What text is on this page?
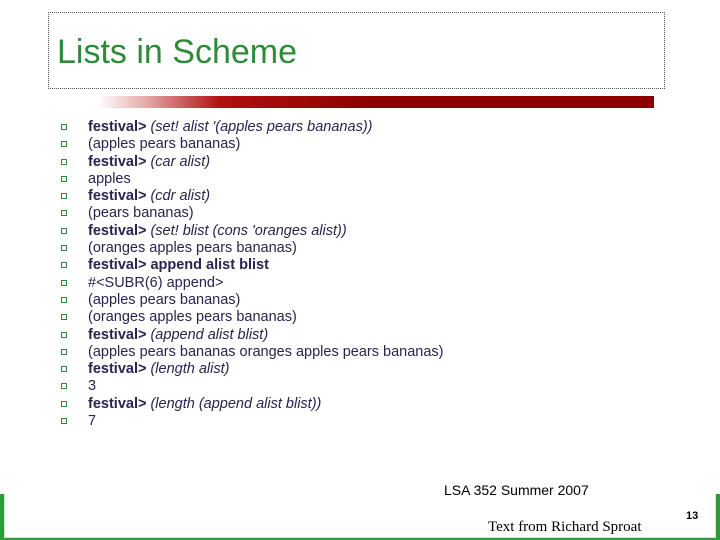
Lists in Scheme
festival> (set! alist '(apples pears bananas))
(apples pears bananas)
festival> (car alist)
apples
festival> (cdr alist)
(pears bananas)
festival> (set! blist (cons 'oranges alist))
(oranges apples pears bananas)
festival> append alist blist
#<SUBR(6) append>
(apples pears bananas)
(oranges apples pears bananas)
festival> (append alist blist)
(apples pears bananas oranges apples pears bananas)
festival> (length alist)
3
festival> (length (append alist blist))
7
LSA 352 Summer 2007
Text from Richard Sproat
13
